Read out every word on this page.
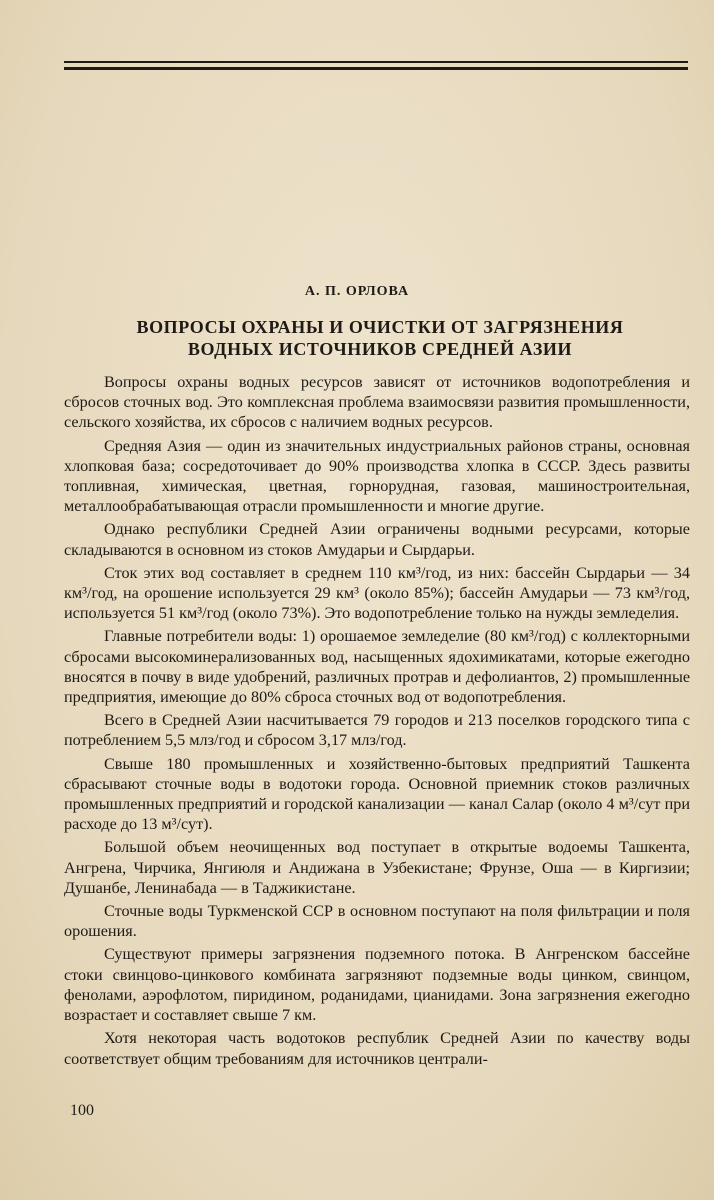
А. П. ОРЛОВА
ВОПРОСЫ ОХРАНЫ И ОЧИСТКИ ОТ ЗАГРЯЗНЕНИЯ
ВОДНЫХ ИСТОЧНИКОВ СРЕДНЕЙ АЗИИ

Вопросы охраны водных ресурсов зависят от источников водопотребления и сбросов сточных вод. Это комплексная проблема взаимосвязи развития промышленности, сельского хозяйства, их сбросов с наличием водных ресурсов.

Средняя Азия — один из значительных индустриальных районов страны, основная хлопковая база; сосредоточивает до 90% производства хлопка в СССР. Здесь развиты топливная, химическая, цветная, горнорудная, газовая, машиностроительная, металлообрабатывающая отрасли промышленности и многие другие.

Однако республики Средней Азии ограничены водными ресурсами, которые складываются в основном из стоков Амударьи и Сырдарьи.

Сток этих вод составляет в среднем 110 км³/год, из них: бассейн Сырдарьи — 34 км³/год, на орошение используется 29 км³ (около 85%); бассейн Амударьи — 73 км³/год, используется 51 км³/год (около 73%). Это водопотребление только на нужды земледелия.

Главные потребители воды: 1) орошаемое земледелие (80 км³/год) с коллекторными сбросами высокоминерализованных вод, насыщенных ядохимикатами, которые ежегодно вносятся в почву в виде удобрений, различных протрав и дефолиантов, 2) промышленные предприятия, имеющие до 80% сброса сточных вод от водопотребления.

Всего в Средней Азии насчитывается 79 городов и 213 поселков городского типа с потреблением 5,5 млз/год и сбросом 3,17 млз/год.

Свыше 180 промышленных и хозяйственно-бытовых предприятий Ташкента сбрасывают сточные воды в водотоки города. Основной приемник стоков различных промышленных предприятий и городской канализации — канал Салар (около 4 м³/сут при расходе до 13 м³/сут).

Большой объем неочищенных вод поступает в открытые водоемы Ташкента, Ангрена, Чирчика, Янгиюля и Андижана в Узбекистане; Фрунзе, Оша — в Киргизии; Душанбе, Ленинабада — в Таджикистане.

Сточные воды Туркменской ССР в основном поступают на поля фильтрации и поля орошения.

Существуют примеры загрязнения подземного потока. В Ангренском бассейне стоки свинцово-цинкового комбината загрязняют подземные воды цинком, свинцом, фенолами, аэрофлотом, пиридином, роданидами, цианидами. Зона загрязнения ежегодно возрастает и составляет свыше 7 км.

Хотя некоторая часть водотоков республик Средней Азии по качеству воды соответствует общим требованиям для источников централи-

100
